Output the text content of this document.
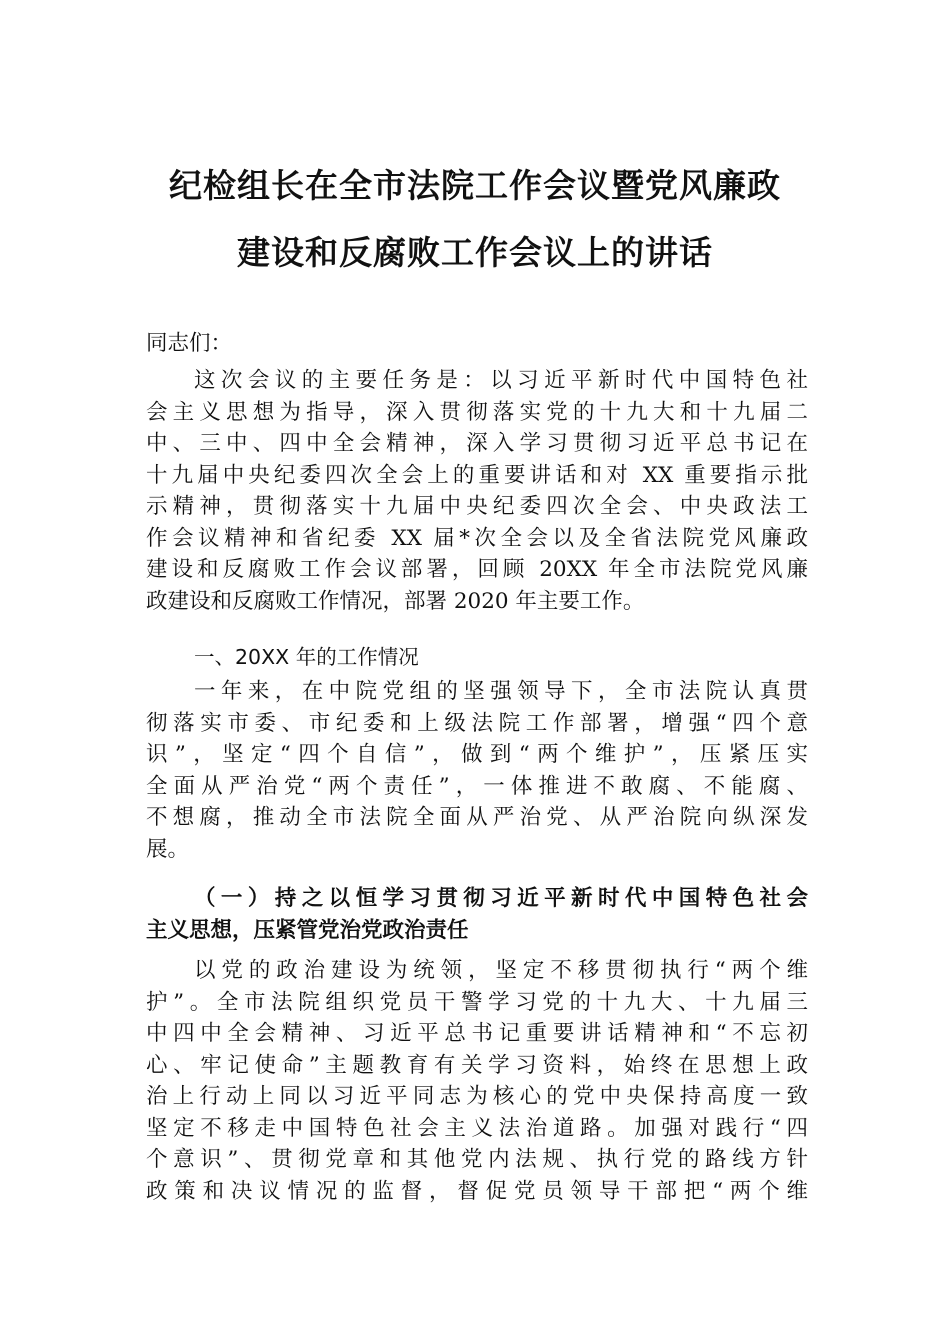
纪检组长在全市法院工作会议暨党风廉政
建设和反腐败工作会议上的讲话
同志们：
这次会议的主要任务是：以习近平新时代中国特色社
会主义思想为指导，深入贯彻落实党的十九大和十九届二
中、三中、四中全会精神，深入学习贯彻习近平总书记在
十九届中央纪委四次全会上的重要讲话和对 XX 重要指示批
示精神，贯彻落实十九届中央纪委四次全会、中央政法工
作会议精神和省纪委 XX 届*次全会以及全省法院党风廉政
建设和反腐败工作会议部署，回顾 20XX 年全市法院党风廉
政建设和反腐败工作情况，部署 2020 年主要工作。
一、20XX 年的工作情况
一年来，在中院党组的坚强领导下，全市法院认真贯
彻落实市委、市纪委和上级法院工作部署，增强“四个意
识”，坚定“四个自信”，做到“两个维护”，压紧压实
全面从严治党“两个责任”，一体推进不敢腐、不能腐、
不想腐，推动全市法院全面从严治党、从严治院向纵深发
展。
（一）持之以恒学习贯彻习近平新时代中国特色社会
主义思想，压紧管党治党政治责任
以党的政治建设为统领，坚定不移贯彻执行“两个维
护”。全市法院组织党员干警学习党的十九大、十九届三
中四中全会精神、习近平总书记重要讲话精神和“不忘初
心、牢记使命”主题教育有关学习资料，始终在思想上政
治上行动上同以习近平同志为核心的党中央保持高度一致
坚定不移走中国特色社会主义法治道路。加强对践行“四
个意识”、贯彻党章和其他党内法规、执行党的路线方针
政策和决议情况的监督，督促党员领导干部把“两个维
